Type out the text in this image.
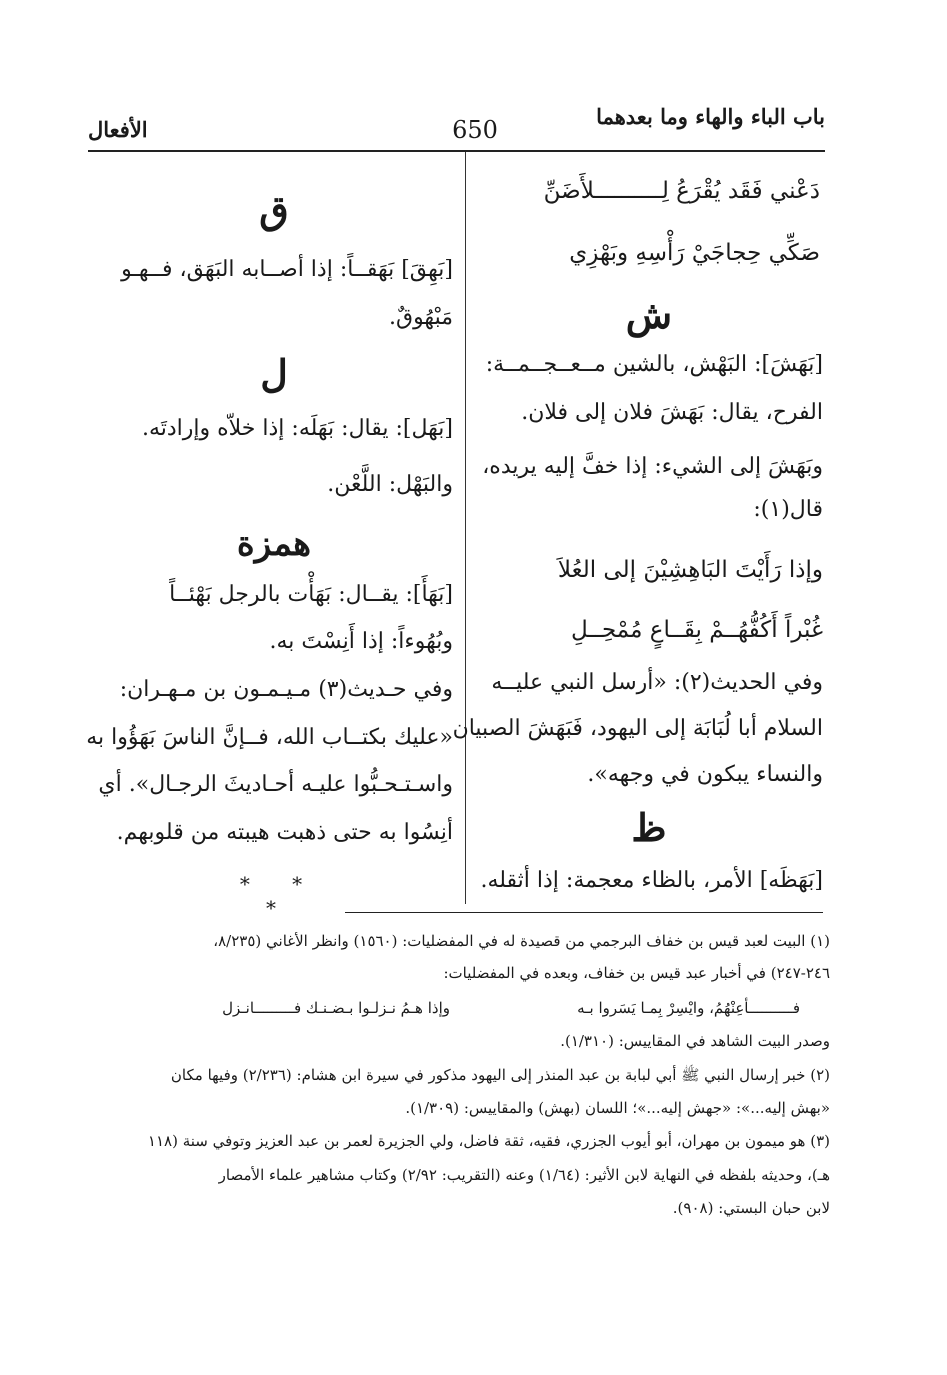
باب الباء والهاء وما بعدهما
650
الأفعال
دَعْني فَقَد يُقْرَعُ لِــــــــــلأَضَنِّ
صَكِّي حِجاجَيْ رَأْسِهِ وبَهْزِي
ش
[بَهَشَ]: البَهْش، بالشين مــعــجــمــة:
الفرح، يقال: بَهَشَ فلان إلى فلان.
وبَهَشَ إلى الشيء: إذا خفَّ إليه يريده،
قال(١):
وإذا رَأَيْتَ البَاهِشِيْنَ إلى العُلاَ
غُبْراً أَكُفُّهُــمْ بِقَــاعٍ مُمْحِــلِ
وفي الحديث(٢): «أرسل النبي عليــه
السلام أبا لُبَابَة إلى اليهود، فَبَهَشَ الصبيان
والنساء يبكون في وجهه».
ظ
[بَهَظَه] الأمر، بالظاء معجمة: إذا أثقله.
ق
[بَهِقَ] بَهَقــاً: إذا أصــابه البَهَق، فــهـو
مَبْهُوقٌ.
ل
[بَهَل]: يقال: بَهَلَه: إذا خلاّه وإرادتَه.
والبَهْل: اللَّعْن.
همزة
[بَهَأَ]: يقــال: بَهَأْت بالرجل بَهْئــاً
وبُهُوءاً: إذا أَنِسْتَ به.
وفي حـديث(٣) مـيـمـون بن مـهـران:
«عليك بكتــاب الله، فــإنَّ الناسَ بَهَؤُوا به
واسـتـحـبُّوا عليـه أحـاديثَ الرجـال». أي
أنِسُوا به حتى ذهبت هيبته من قلوبهم.
* * *
(١) البيت لعبد قيس بن خفاف البرجمي من قصيدة له في المفضليات: (١٥٦٠) وانظر الأغاني (٨/٢٣٥،
٢٤٦-٢٤٧) في أخبار عبد قيس بن خفاف، وبعده في المفضليات:
فــــــــــأعِنْهُمُ، وايْسِرْ بِمـا يَسَروا بـه
وإذا هـمُ نـزلـوا بـضـنـك فـــــــــانـزل
وصدر البيت الشاهد في المقاييس: (١/٣١٠).
(٢) خبر إرسال النبي ﷺ أبي لبابة بن عبد المنذر إلى اليهود مذكور في سيرة ابن هشام: (٢/٢٣٦) وفيها مكان
«بهش إليه...»: «جهش إليه...»؛ اللسان (بهش) والمقاييس: (١/٣٠٩).
(٣) هو ميمون بن مهران، أبو أيوب الجزري، فقيه، ثقة فاضل، ولي الجزيرة لعمر بن عبد العزيز وتوفي سنة (١١٨
هـ)، وحديثه بلفظه في النهاية لابن الأثير: (١/٦٤) وعنه (التقريب: ٢/٩٢) وكتاب مشاهير علماء الأمصار
لابن حبان البستي: (٩٠٨).
